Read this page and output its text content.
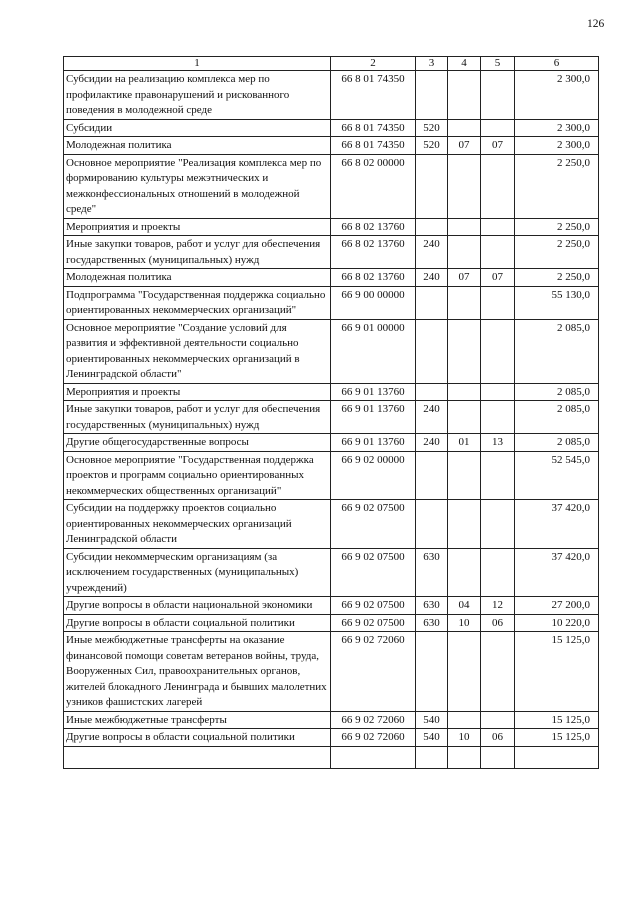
126
1	2	3	4	5	6
Субсидии на реализацию комплекса мер по профилактике правонарушений и рискованного поведения в молодежной среде	66 8 01 74350				2 300,0
Субсидии	66 8 01 74350	520			2 300,0
Молодежная политика	66 8 01 74350	520	07	07	2 300,0
Основное мероприятие "Реализация комплекса мер по формированию культуры межэтнических и межконфессиональных отношений в молодежной среде"	66 8 02 00000				2 250,0
Мероприятия и проекты	66 8 02 13760				2 250,0
Иные закупки товаров, работ и услуг для обеспечения государственных (муниципальных) нужд	66 8 02 13760	240			2 250,0
Молодежная политика	66 8 02 13760	240	07	07	2 250,0
Подпрограмма "Государственная поддержка социально ориентированных некоммерческих организаций"	66 9 00 00000				55 130,0
Основное мероприятие "Создание условий для развития и эффективной деятельности социально ориентированных некоммерческих организаций в Ленинградской области"	66 9 01 00000				2 085,0
Мероприятия и проекты	66 9 01 13760				2 085,0
Иные закупки товаров, работ и услуг для обеспечения государственных (муниципальных) нужд	66 9 01 13760	240			2 085,0
Другие общегосударственные вопросы	66 9 01 13760	240	01	13	2 085,0
Основное мероприятие "Государственная поддержка проектов и программ социально ориентированных некоммерческих общественных организаций"	66 9 02 00000				52 545,0
Субсидии на поддержку проектов социально ориентированных некоммерческих организаций Ленинградской области	66 9 02 07500				37 420,0
Субсидии некоммерческим организациям (за исключением государственных (муниципальных) учреждений)	66 9 02 07500	630			37 420,0
Другие вопросы в области национальной экономики	66 9 02 07500	630	04	12	27 200,0
Другие вопросы в области социальной политики	66 9 02 07500	630	10	06	10 220,0
Иные межбюджетные трансферты на оказание финансовой помощи советам ветеранов войны, труда, Вооруженных Сил, правоохранительных органов, жителей блокадного Ленинграда и бывших малолетних узников фашистских лагерей	66 9 02 72060				15 125,0
Иные межбюджетные трансферты	66 9 02 72060	540			15 125,0
Другие вопросы в области социальной политики	66 9 02 72060	540	10	06	15 125,0
